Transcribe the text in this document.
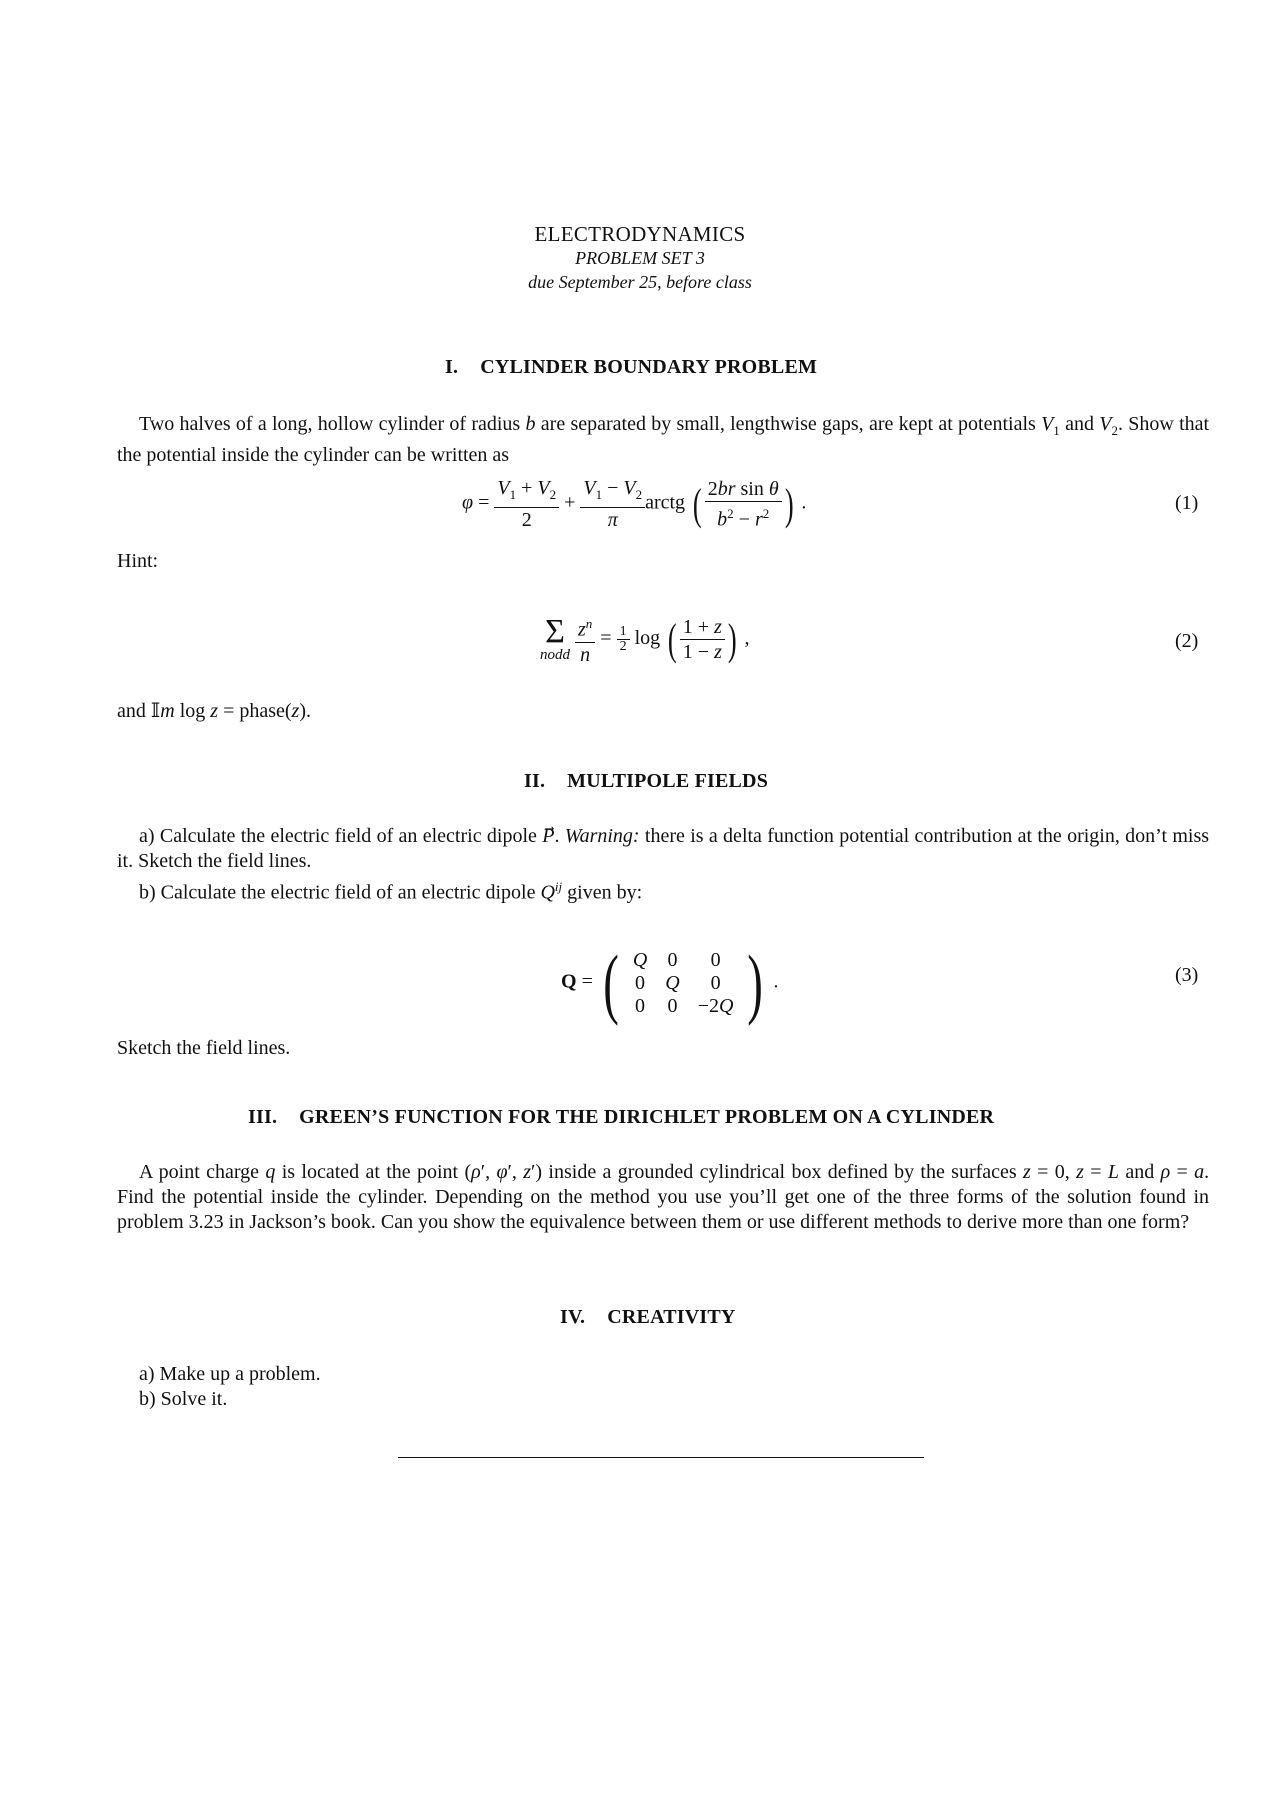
ELECTRODYNAMICS
PROBLEM SET 3
due September 25, before class
I. CYLINDER BOUNDARY PROBLEM
Two halves of a long, hollow cylinder of radius b are separated by small, lengthwise gaps, are kept at potentials $V_1$ and $V_2$. Show that the potential inside the cylinder can be written as
$\varphi = \frac{V_1 + V_2}{2} + \frac{V_1 - V_2}{\pi}$ arctg ( $\frac{\text{2br sin θ}}{b^2 - r^2}$ ) .	(1)
Hint:
Σ
nodd
$\frac{z^n}{n} = \frac{1}{2}$ log ( $\frac{1 + z}{1 - z}$ ) ,	(2)
and 𝕀m log z = phase(z).
II. MULTIPOLE FIELDS
a) Calculate the electric field of an electric dipole P⃗. Warning: there is a delta function potential contribution at the origin, don’t miss it. Sketch the field lines.
b) Calculate the electric field of an electric dipole $Q^{ij}$ given by:
Q = ( Q	0	0
0	Q	0
0	0	−2Q ) .	(3)
Sketch the field lines.
III. GREEN’S FUNCTION FOR THE DIRICHLET PROBLEM ON A CYLINDER
A point charge q is located at the point (ρ′, φ′, z′) inside a grounded cylindrical box defined by the surfaces z = 0, z = L and ρ = a. Find the potential inside the cylinder. Depending on the method you use you’ll get one of the three forms of the solution found in problem 3.23 in Jackson’s book. Can you show the equivalence between them or use different methods to derive more than one form?
IV. CREATIVITY
a) Make up a problem.
b) Solve it.
